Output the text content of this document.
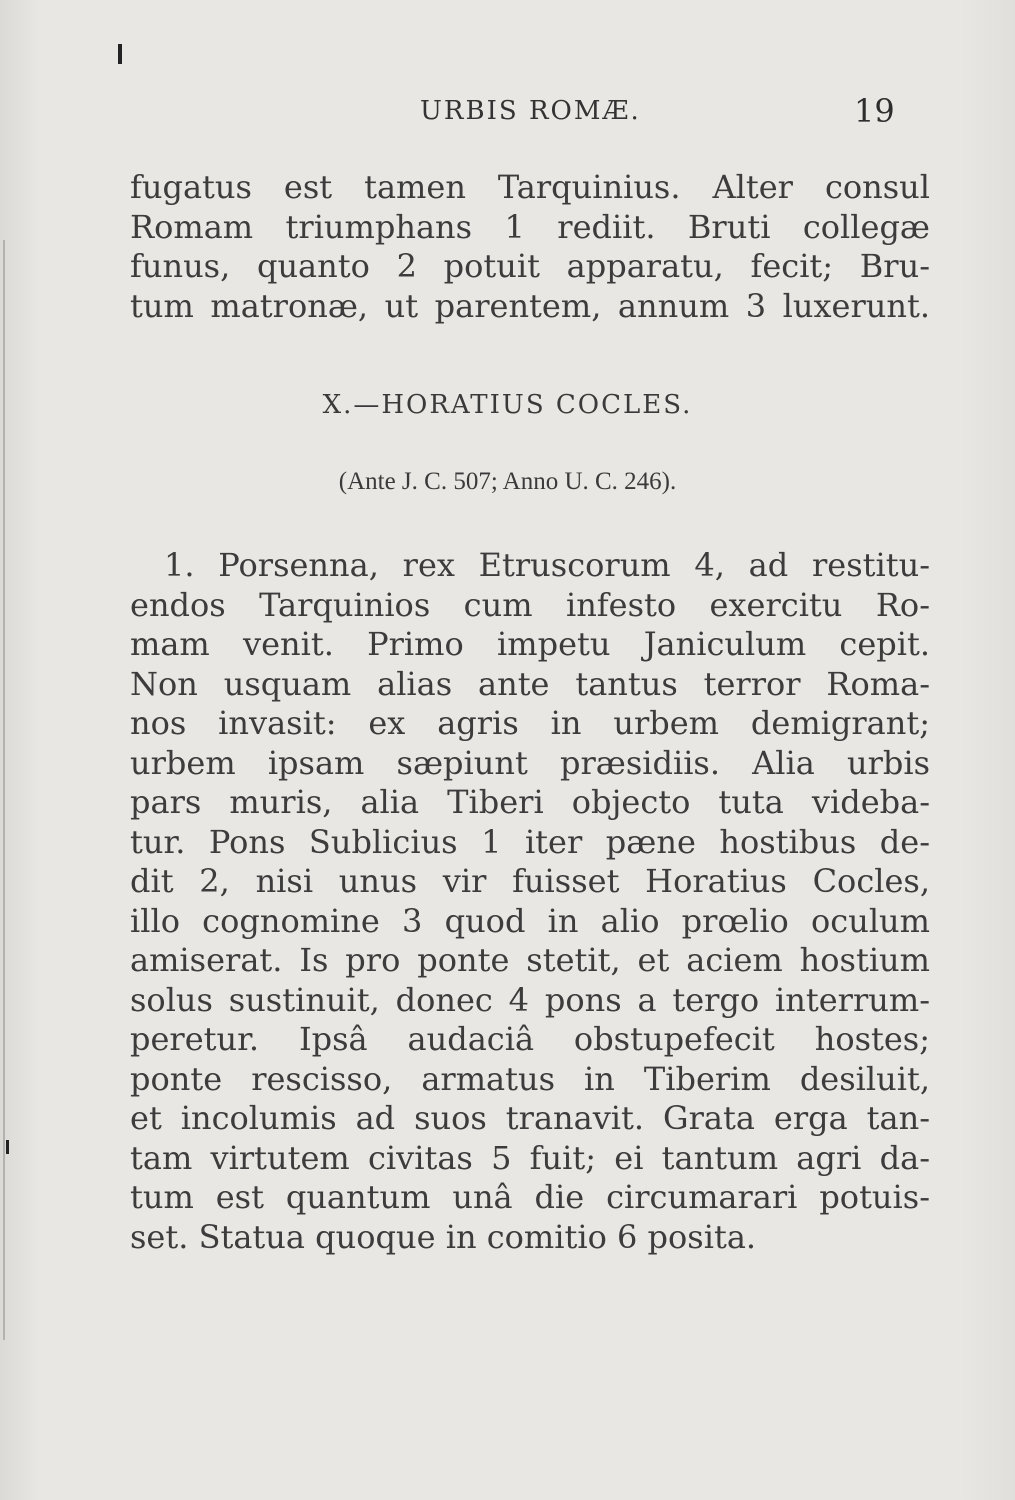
URBIS ROMÆ.	19
fugatus est tamen Tarquinius. Alter consul
Romam triumphans 1 rediit. Bruti collegæ
funus, quanto 2 potuit apparatu, fecit; Bru-
tum matronæ, ut parentem, annum 3 luxerunt.
X.—HORATIUS COCLES.
(Ante J. C. 507; Anno U. C. 246).
1. Porsenna, rex Etruscorum 4, ad restitu-
endos Tarquinios cum infesto exercitu Ro-
mam venit. Primo impetu Janiculum cepit.
Non usquam alias ante tantus terror Roma-
nos invasit: ex agris in urbem demigrant;
urbem ipsam sæpiunt præsidiis. Alia urbis
pars muris, alia Tiberi objecto tuta videba-
tur. Pons Sublicius 1 iter pæne hostibus de-
dit 2, nisi unus vir fuisset Horatius Cocles,
illo cognomine 3 quod in alio prœlio oculum
amiserat. Is pro ponte stetit, et aciem hostium
solus sustinuit, donec 4 pons a tergo interrum-
peretur. Ipsâ audaciâ obstupefecit hostes;
ponte rescisso, armatus in Tiberim desiluit,
et incolumis ad suos tranavit. Grata erga tan-
tam virtutem civitas 5 fuit; ei tantum agri da-
tum est quantum unâ die circumarari potuis-
set. Statua quoque in comitio 6 posita.
